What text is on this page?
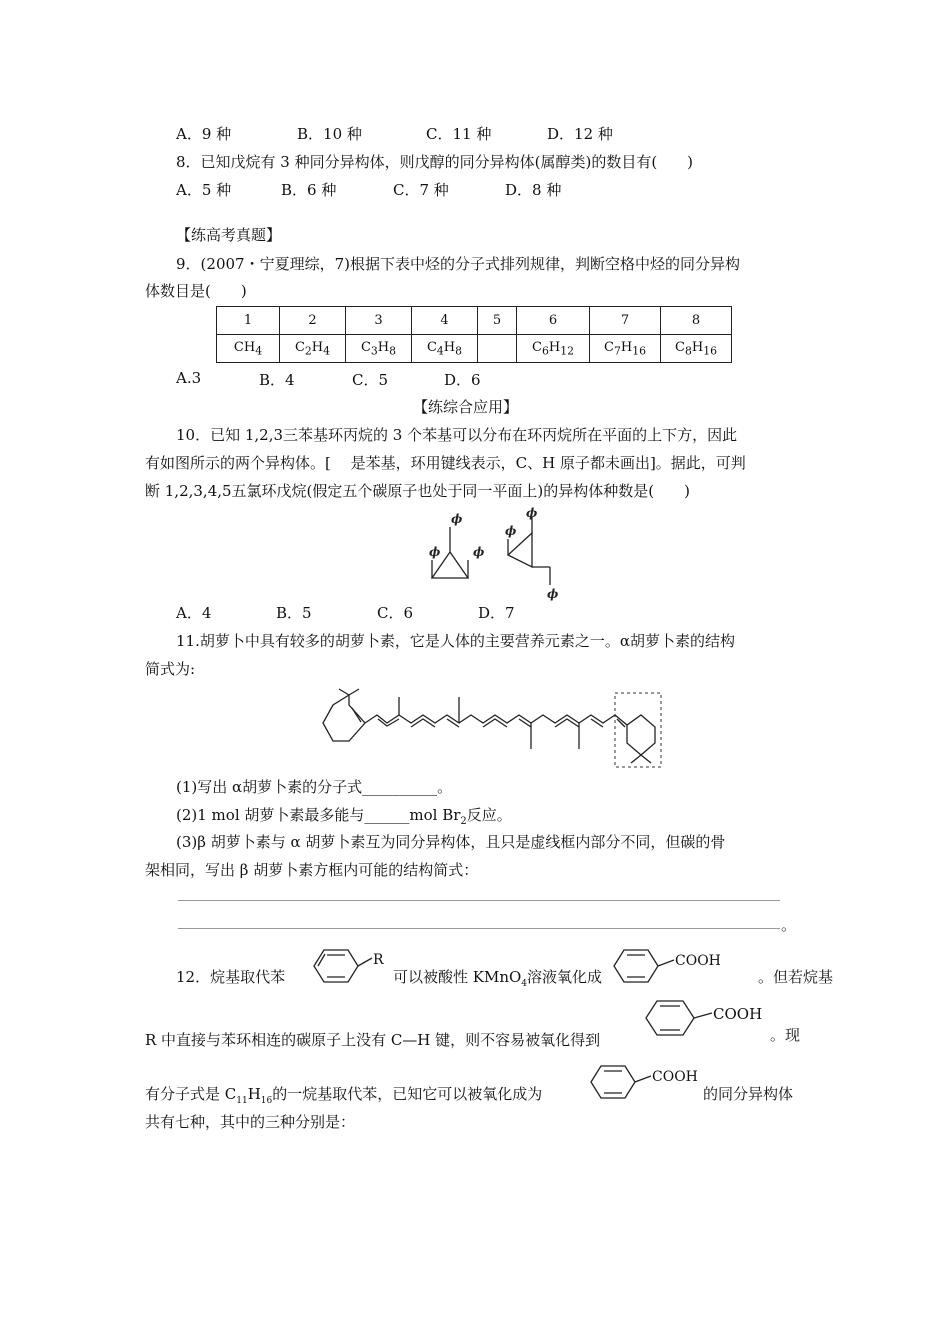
A．9 种	B．10 种	C．11 种	D．12 种
8．已知戊烷有 3 种同分异构体，则戊醇的同分异构体(属醇类)的数目有(　　)
A．5 种	B．6 种	C．7 种	D．8 种
【练高考真题】
9．(2007・宁夏理综，7)根据下表中烃的分子式排列规律，判断空格中烃的同分异构
体数目是(　　)
1	2	3	4	5	6	7	8
$CH_4$	$C_2H_4$	$C_3H_8$	$C_4H_8$		$C_6H_{12}$	$C_7H_{16}$	$C_8H_{16}$
A.3	B．4	C．5	D．6
【练综合应用】
10．已知 1,2,3三苯基环丙烷的 3 个苯基可以分布在环丙烷所在平面的上下方，因此
有如图所示的两个异构体。[　 是苯基，环用键线表示，C、H 原子都未画出]。据此，可判
断 1,2,3,4,5五氯环戊烷(假定五个碳原子也处于同一平面上)的异构体种数是(　　)
ϕ	ϕ
ϕ
ϕ
ϕ
ϕ
A．4	B．5	C．6	D．7
11.胡萝卜中具有较多的胡萝卜素，它是人体的主要营养元素之一。α胡萝卜素的结构
简式为:
(1)写出 α胡萝卜素的分子式__________。
(2)1 mol 胡萝卜素最多能与______mol $Br_2$反应。
(3)β 胡萝卜素与 α 胡萝卜素互为同分异构体，且只是虚线框内部分不同，但碳的骨
架相同，写出 β 胡萝卜素方框内可能的结构简式：
。
12．烷基取代苯
R
可以被酸性 KMnO$_4$溶液氧化成
COOH
。但若烷基
R 中直接与苯环相连的碳原子上没有 C—H 键，则不容易被氧化得到
COOH
。现
有分子式是 $C_{11}H_{16}$的一烷基取代苯，已知它可以被氧化成为
COOH
的同分异构体
共有七种，其中的三种分别是：
